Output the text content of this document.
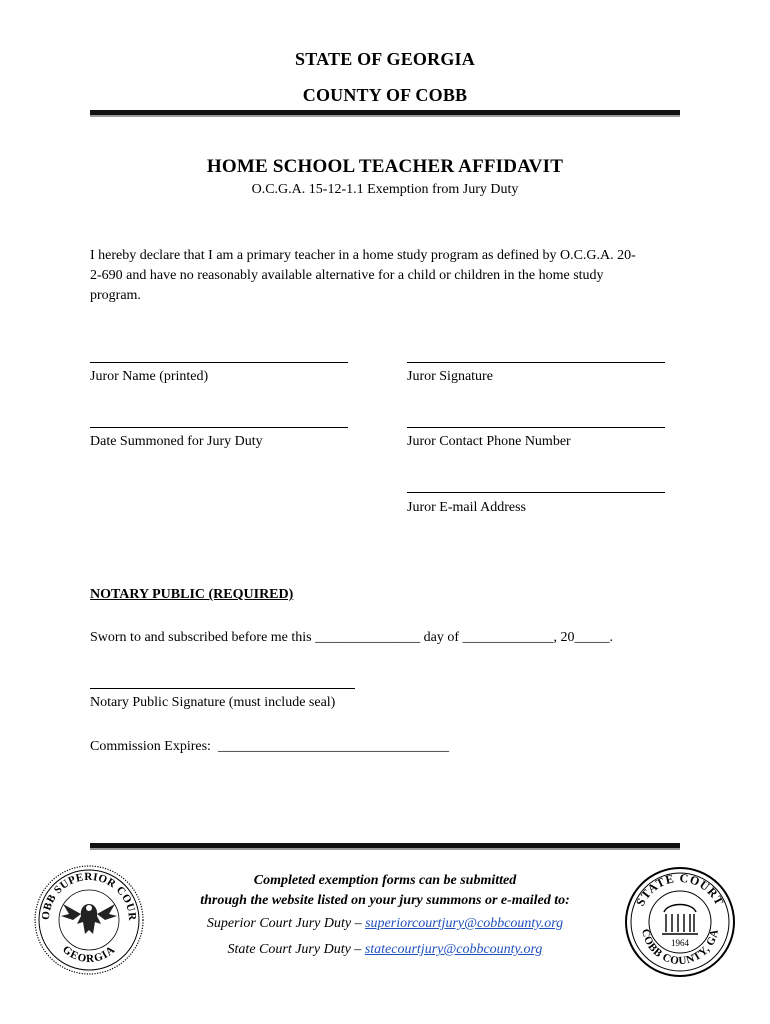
STATE OF GEORGIA
COUNTY OF COBB
HOME SCHOOL TEACHER AFFIDAVIT
O.C.G.A. 15-12-1.1 Exemption from Jury Duty
I hereby declare that I am a primary teacher in a home study program as defined by O.C.G.A. 20-
2-690 and have no reasonably available alternative for a child or children in the home study
program.
Juror Name (printed)	Juror Signature
Date Summoned for Jury Duty	Juror Contact Phone Number
Juror E-mail Address
NOTARY PUBLIC (REQUIRED)
Sworn to and subscribed before me this _______________ day of _____________, 20_____.
Notary Public Signature (must include seal)
Commission Expires:  _________________________________
Completed exemption forms can be submitted
through the website listed on your jury summons or e-mailed to:
Superior Court Jury Duty – superiorcourtjury@cobbcounty.org
State Court Jury Duty – statecourtjury@cobbcounty.org
OBB SUPERIOR COUR
GEORGIA
STATE COURT
COBB COUNTY, GA
1964
